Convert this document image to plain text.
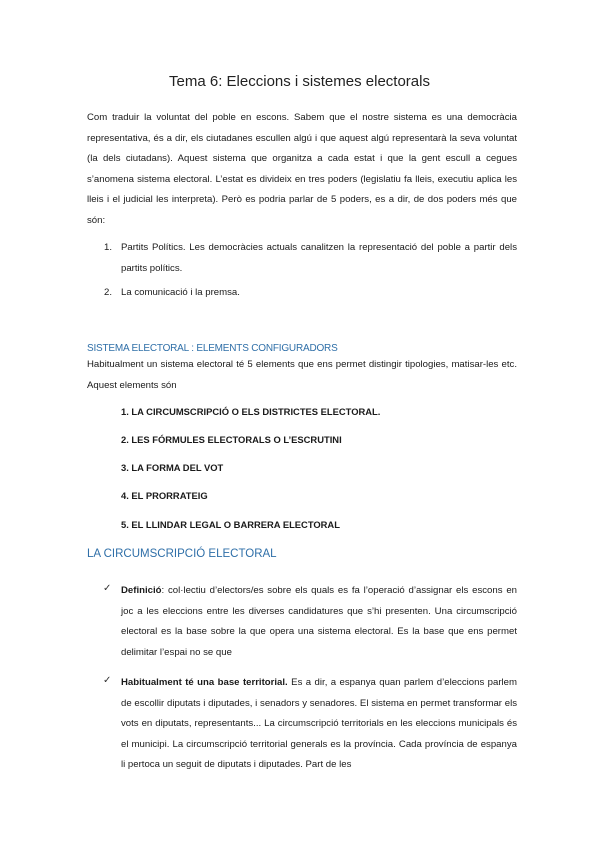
Tema 6: Eleccions i sistemes electorals
Com traduir la voluntat del poble en escons. Sabem que el nostre sistema es una democràcia representativa, és a dir, els ciutadanes escullen algú i que aquest algú representarà la seva voluntat (la dels ciutadans). Aquest sistema que organitza a cada estat i que la gent escull a cegues s’anomena sistema electoral. L’estat es divideix en tres poders (legislatiu fa lleis, executiu aplica les lleis i el judicial les interpreta). Però es podria parlar de 5 poders, es a dir, de dos poders més que són:
1. Partits Polítics. Les democràcies actuals canalitzen la representació del poble a partir dels partits polítics.
2. La comunicació i la premsa.
SISTEMA ELECTORAL : ELEMENTS CONFIGURADORS
Habitualment un sistema electoral té 5 elements que ens permet distingir tipologies, matisar-les etc. Aquest elements són
1. LA CIRCUMSCRIPCIÓ O ELS DISTRICTES ELECTORAL.
2. LES FÓRMULES ELECTORALS O L’ESCRUTINI
3. LA FORMA DEL VOT
4. EL PRORRATEIG
5. EL LLINDAR LEGAL O BARRERA ELECTORAL
LA CIRCUMSCRIPCIÓ ELECTORAL
✓ Definició: col·lectiu d’electors/es sobre els quals es fa l’operació d’assignar els escons en joc a les eleccions entre les diverses candidatures que s’hi presenten. Una circumscripció electoral es la base sobre la que opera una sistema electoral. Es la base que ens permet delimitar l’espai no se que
✓ Habitualment té una base territorial. Es a dir, a espanya quan parlem d’eleccions parlem de escollir diputats i diputades, i senadors y senadores. El sistema en permet transformar els vots en diputats, representants... La circumscripció territorials en les eleccions municipals és el municipi. La circumscripció territorial generals es la província. Cada província de espanya li pertoca un seguit de diputats i diputades. Part de les
